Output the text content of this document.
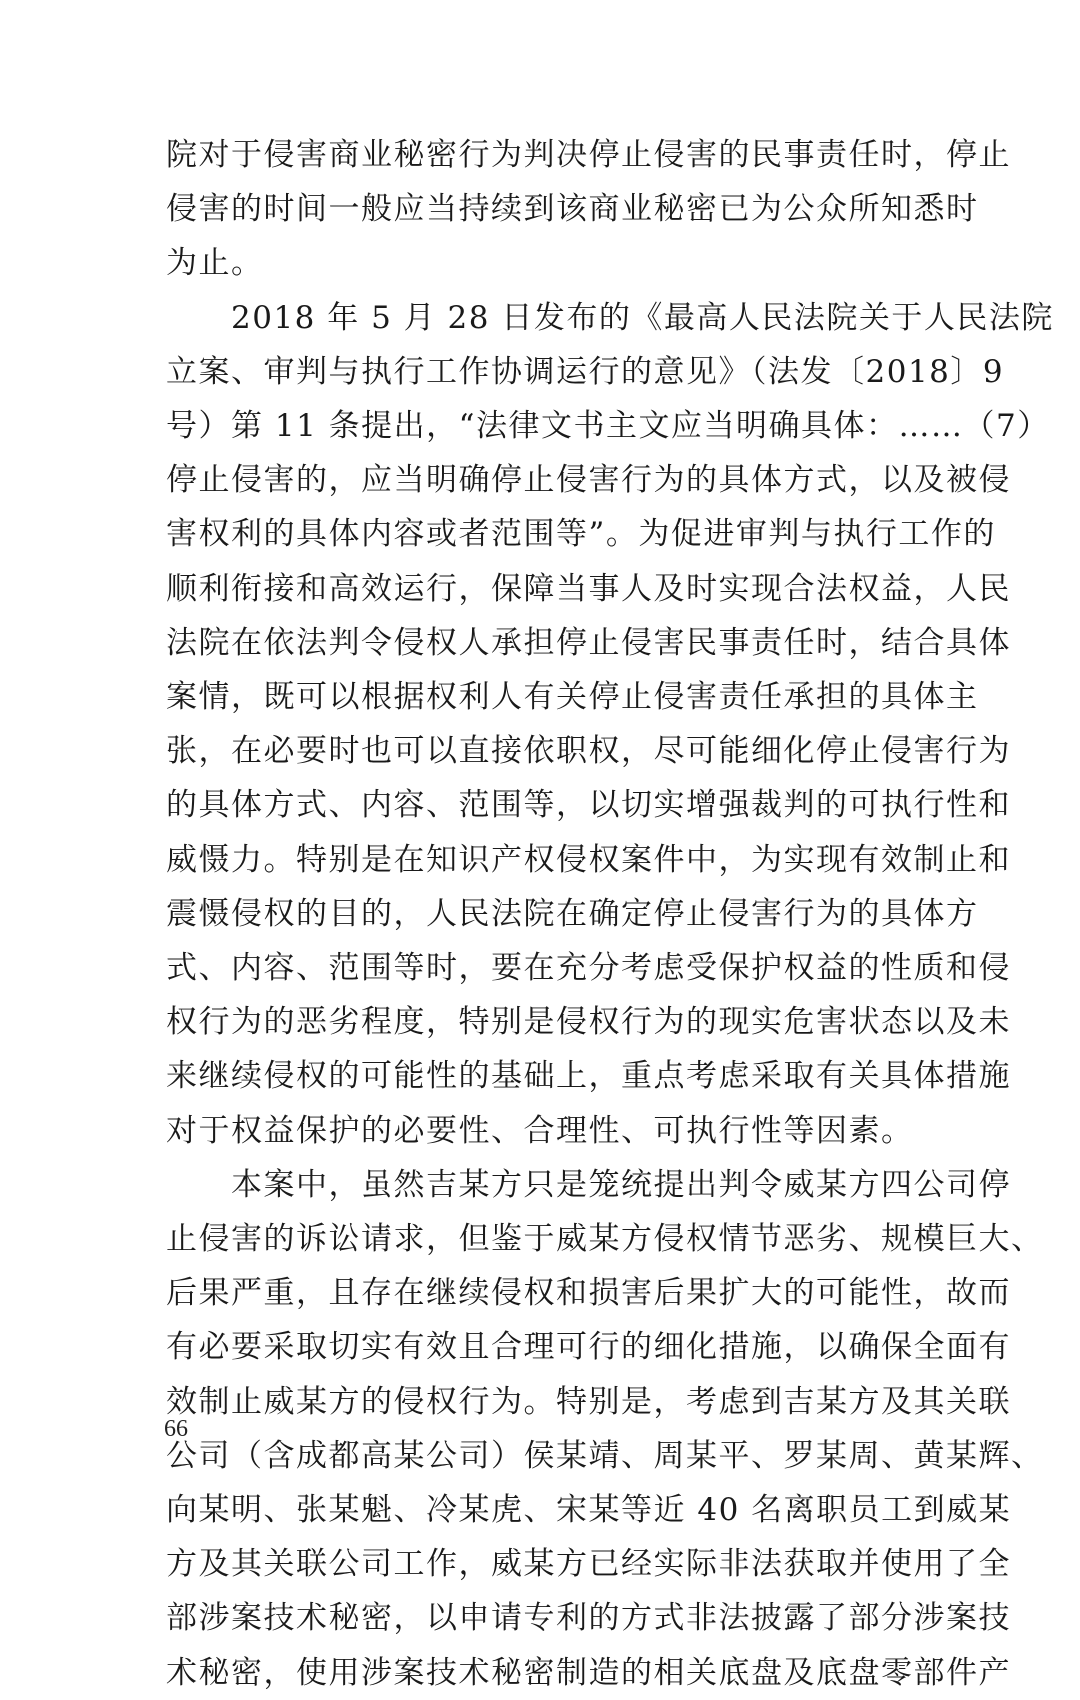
院对于侵害商业秘密行为判决停止侵害的民事责任时，停止
侵害的时间一般应当持续到该商业秘密已为公众所知悉时
为止。

　　2018 年 5 月 28 日发布的《最高人民法院关于人民法院
立案、审判与执行工作协调运行的意见》（法发〔2018〕9
号）第 11 条提出，“法律文书主文应当明确具体：……（7）
停止侵害的，应当明确停止侵害行为的具体方式，以及被侵
害权利的具体内容或者范围等”。为促进审判与执行工作的
顺利衔接和高效运行，保障当事人及时实现合法权益，人民
法院在依法判令侵权人承担停止侵害民事责任时，结合具体
案情，既可以根据权利人有关停止侵害责任承担的具体主
张，在必要时也可以直接依职权，尽可能细化停止侵害行为
的具体方式、内容、范围等，以切实增强裁判的可执行性和
威慑力。特别是在知识产权侵权案件中，为实现有效制止和
震慑侵权的目的，人民法院在确定停止侵害行为的具体方
式、内容、范围等时，要在充分考虑受保护权益的性质和侵
权行为的恶劣程度，特别是侵权行为的现实危害状态以及未
来继续侵权的可能性的基础上，重点考虑采取有关具体措施
对于权益保护的必要性、合理性、可执行性等因素。

　　本案中，虽然吉某方只是笼统提出判令威某方四公司停
止侵害的诉讼请求，但鉴于威某方侵权情节恶劣、规模巨大、
后果严重，且存在继续侵权和损害后果扩大的可能性，故而
有必要采取切实有效且合理可行的细化措施，以确保全面有
效制止威某方的侵权行为。特别是，考虑到吉某方及其关联
公司（含成都高某公司）侯某靖、周某平、罗某周、黄某辉、
向某明、张某魁、冷某虎、宋某等近 40 名离职员工到威某
方及其关联公司工作，威某方已经实际非法获取并使用了全
部涉案技术秘密，以申请专利的方式非法披露了部分涉案技
术秘密，使用涉案技术秘密制造的相关底盘及底盘零部件产

66
